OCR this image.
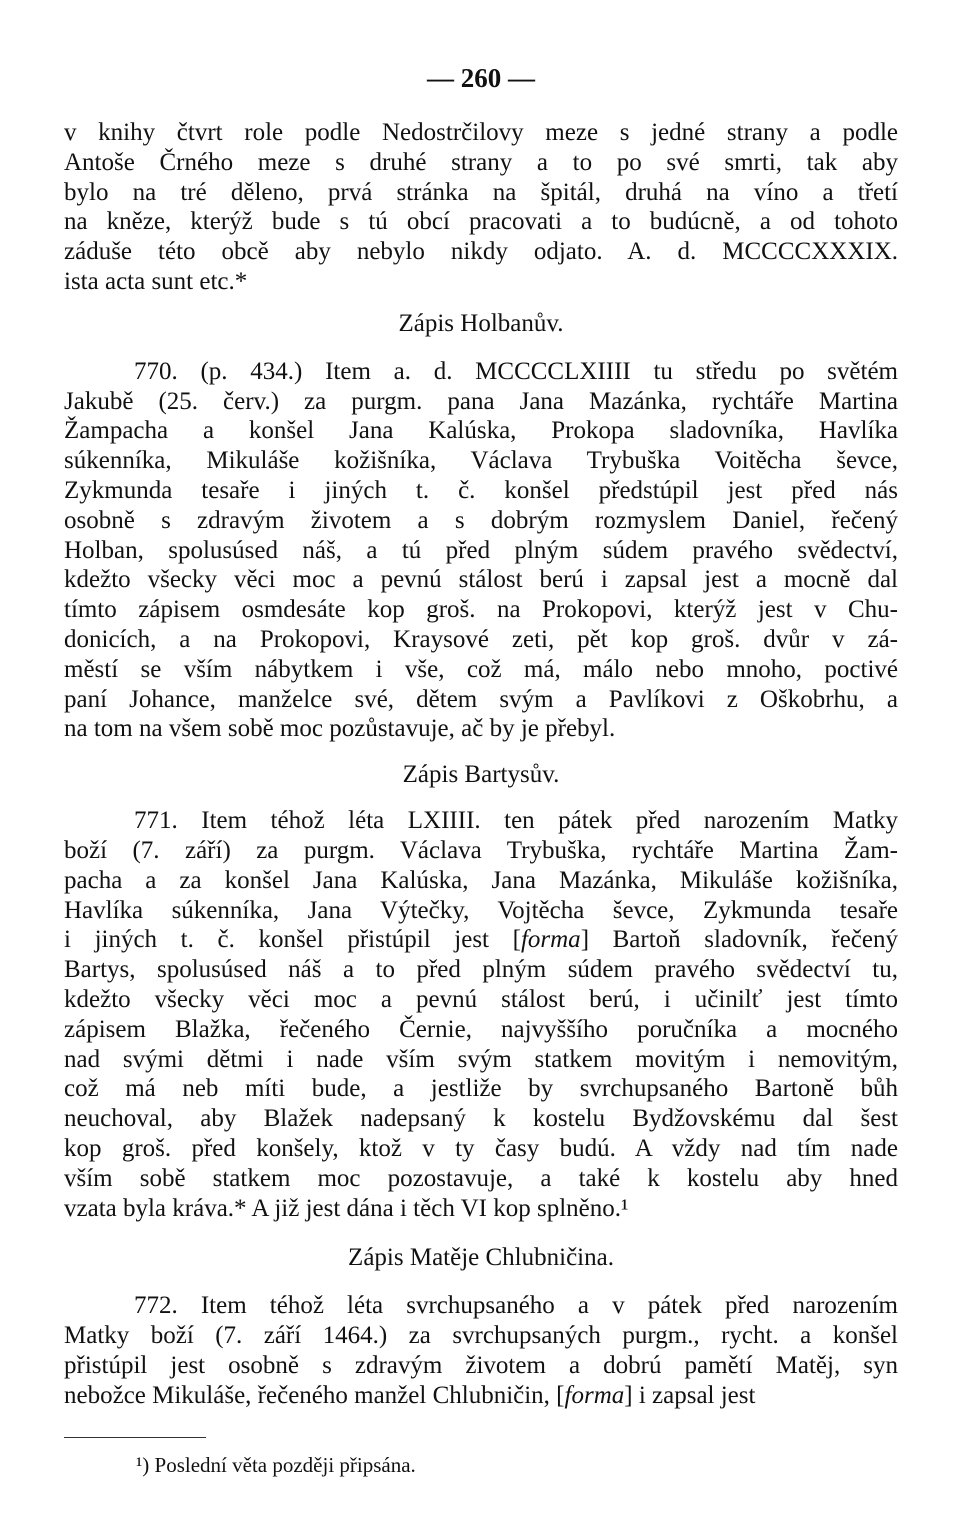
— 260 —
v knihy čtvrt role podle Nedostrčilovy meze s jedné strany a podle
Antoše Črného meze s druhé strany a to po své smrti, tak aby
bylo na tré děleno, prvá stránka na špitál, druhá na víno a třetí
na kněze, kterýž bude s tú obcí pracovati a to budúcně, a od tohoto
záduše této obcě aby nebylo nikdy odjato. A. d. MCCCCXXXIX.
ista acta sunt etc.*
Zápis Holbanův.
770. (p. 434.) Item a. d. MCCCCLXIIII tu středu po světém
Jakubě (25. červ.) za purgm. pana Jana Mazánka, rychtáře Martina
Žampacha a konšel Jana Kalúska, Prokopa sladovníka, Havlíka
súkenníka, Mikuláše kožišníka, Václava Trybuška Voitěcha ševce,
Zykmunda tesaře i jiných t. č. konšel předstúpil jest před nás
osobně s zdravým životem a s dobrým rozmyslem Daniel, řečený
Holban, spolusúsed náš, a tú před plným súdem pravého svědectví,
kdežto všecky věci moc a pevnú stálost berú i zapsal jest a mocně dal
tímto zápisem osmdesáte kop groš. na Prokopovi, kterýž jest v Chu-
donicích, a na Prokopovi, Kraysové zeti, pět kop groš. dvůr v zá-
městí se vším nábytkem i vše, což má, málo nebo mnoho, poctivé
paní Johance, manželce své, dětem svým a Pavlíkovi z Oškobrhu, a
na tom na všem sobě moc pozůstavuje, ač by je přebyl.
Zápis Bartysův.
771. Item téhož léta LXIIII. ten pátek před narozením Matky
boží (7. září) za purgm. Václava Trybuška, rychtáře Martina Žam-
pacha a za konšel Jana Kalúska, Jana Mazánka, Mikuláše kožišníka,
Havlíka súkenníka, Jana Výtečky, Vojtěcha ševce, Zykmunda tesaře
i jiných t. č. konšel přistúpil jest [forma] Bartoň sladovník, řečený
Bartys, spolusúsed náš a to před plným súdem pravého svědectví tu,
kdežto všecky věci moc a pevnú stálost berú, i učinilť jest tímto
zápisem Blažka, řečeného Černie, najvyššího poručníka a mocného
nad svými dětmi i nade vším svým statkem movitým i nemovitým,
což má neb míti bude, a jestliže by svrchupsaného Bartoně bůh
neuchoval, aby Blažek nadepsaný k kostelu Bydžovskému dal šest
kop groš. před konšely, ktož v ty časy budú. A vždy nad tím nade
vším sobě statkem moc pozostavuje, a také k kostelu aby hned
vzata byla kráva.* A již jest dána i těch VI kop splněno.¹
Zápis Matěje Chlubničina.
772. Item téhož léta svrchupsaného a v pátek před narozením
Matky boží (7. září 1464.) za svrchupsaných purgm., rycht. a konšel
přistúpil jest osobně s zdravým životem a dobrú pamětí Matěj, syn
nebožce Mikuláše, řečeného manžel Chlubničin, [forma] i zapsal jest
¹) Poslední věta později připsána.
